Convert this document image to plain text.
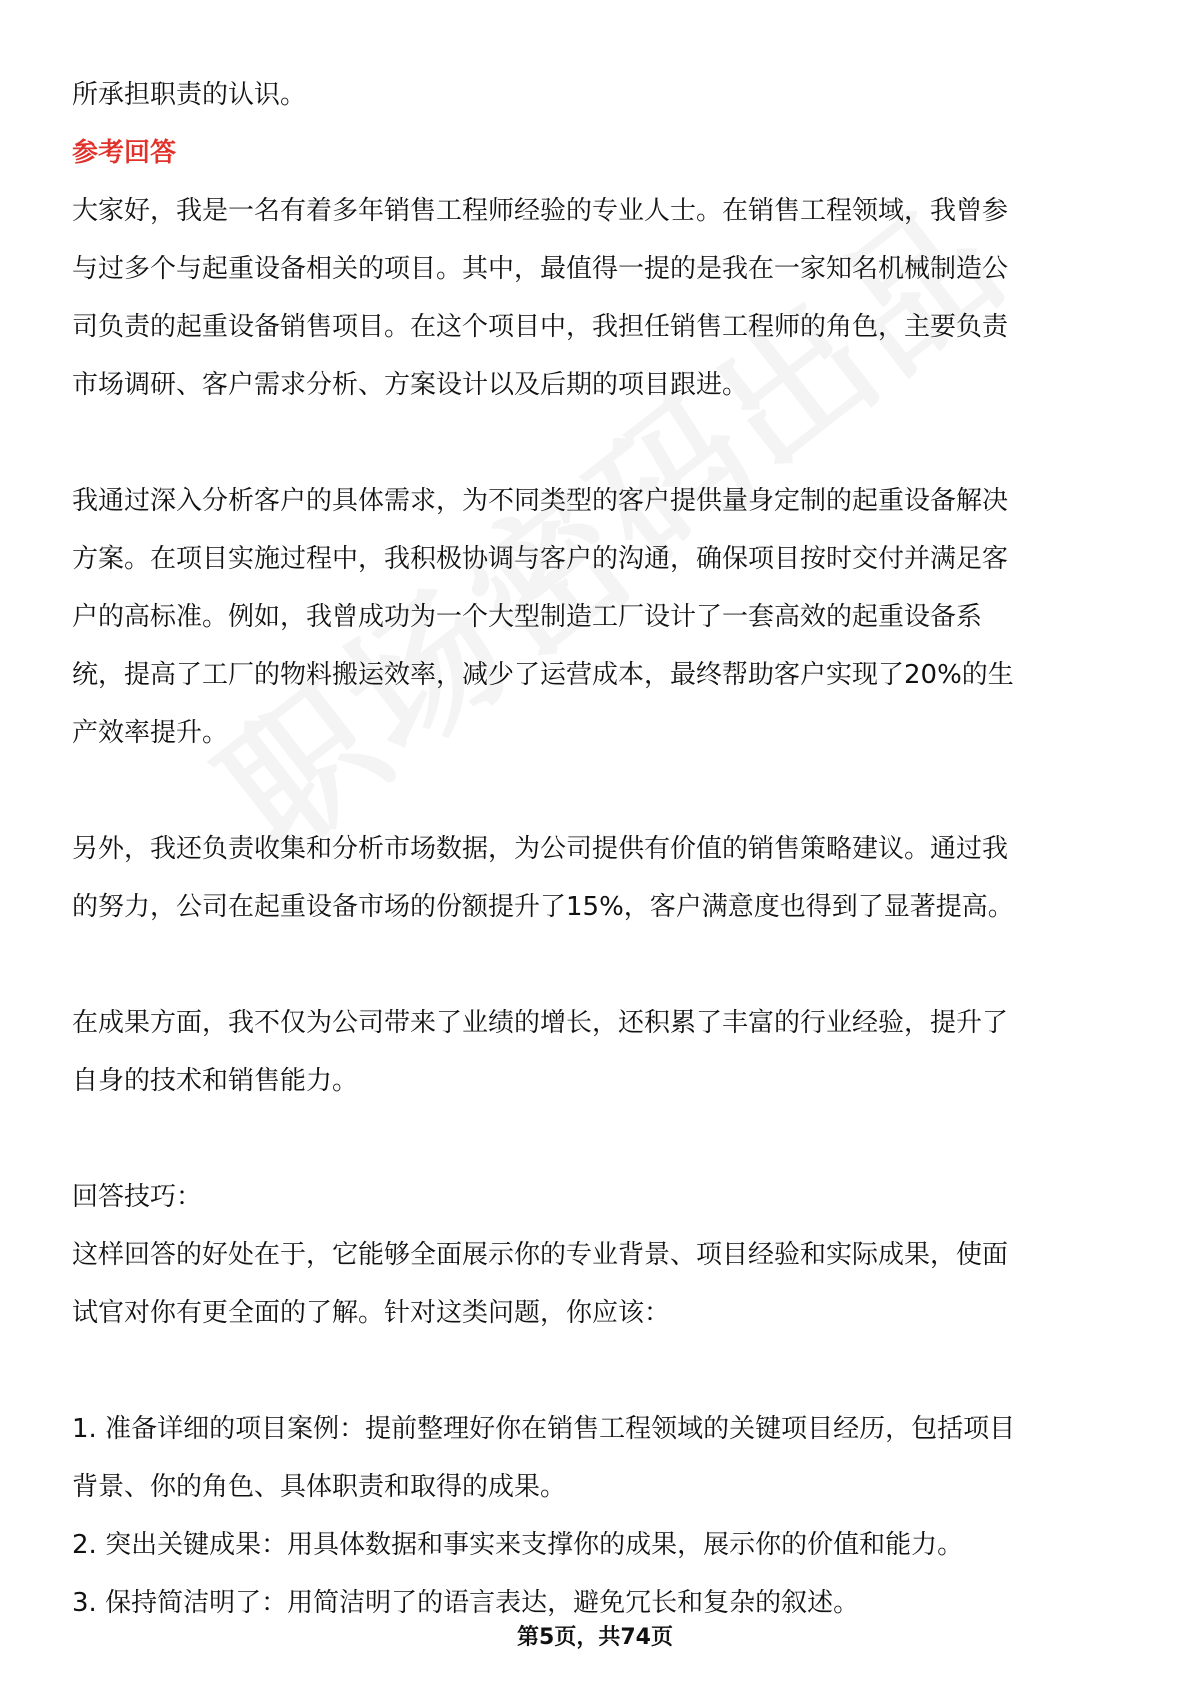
所承担职责的认识。

参考回答

大家好，我是一名有着多年销售工程师经验的专业人士。在销售工程领域，我曾参

与过多个与起重设备相关的项目。其中，最值得一提的是我在一家知名机械制造公

司负责的起重设备销售项目。在这个项目中，我担任销售工程师的角色，主要负责

市场调研、客户需求分析、方案设计以及后期的项目跟进。

我通过深入分析客户的具体需求，为不同类型的客户提供量身定制的起重设备解决

方案。在项目实施过程中，我积极协调与客户的沟通，确保项目按时交付并满足客

户的高标准。例如，我曾成功为一个大型制造工厂设计了一套高效的起重设备系

统，提高了工厂的物料搬运效率，减少了运营成本，最终帮助客户实现了20%的生

产效率提升。

另外，我还负责收集和分析市场数据，为公司提供有价值的销售策略建议。通过我

的努力，公司在起重设备市场的份额提升了15%，客户满意度也得到了显著提高。

在成果方面，我不仅为公司带来了业绩的增长，还积累了丰富的行业经验，提升了

自身的技术和销售能力。

回答技巧：

这样回答的好处在于，它能够全面展示你的专业背景、项目经验和实际成果，使面

试官对你有更全面的了解。针对这类问题，你应该：

1. 准备详细的项目案例：提前整理好你在销售工程领域的关键项目经历，包括项目

背景、你的角色、具体职责和取得的成果。

2. 突出关键成果：用具体数据和事实来支撑你的成果，展示你的价值和能力。

3. 保持简洁明了：用简洁明了的语言表达，避免冗长和复杂的叙述。

第5页，共74页
